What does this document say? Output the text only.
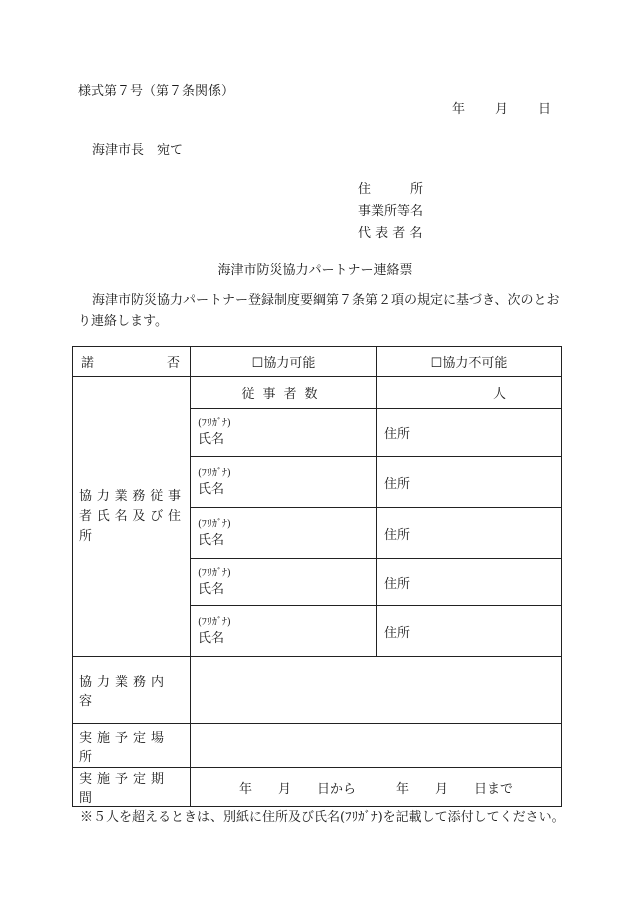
様式第７号（第７条関係）
年 月 日
海津市長　宛て
住　　　所
事業所等名
代 表 者 名
海津市防災協力パートナー連絡票
海津市防災協力パートナー登録制度要綱第７条第２項の規定に基づき、次のとおり連絡します。
諾 否	☐協力可能	☐協力不可能

協力業務従事者氏名及び住所	従事者数	人

	(ﾌﾘｶﾞﾅ)
氏名	住所

	(ﾌﾘｶﾞﾅ)
氏名	住所

	(ﾌﾘｶﾞﾅ)
氏名	住所

	(ﾌﾘｶﾞﾅ)
氏名	住所

	(ﾌﾘｶﾞﾅ)
氏名	住所
協力業務内容		
実施予定場所		
実施予定期間	年　　月　　日から 年　　月　　日まで	
※５人を超えるときは、別紙に住所及び氏名(ﾌﾘｶﾞﾅ)を記載して添付してください。
